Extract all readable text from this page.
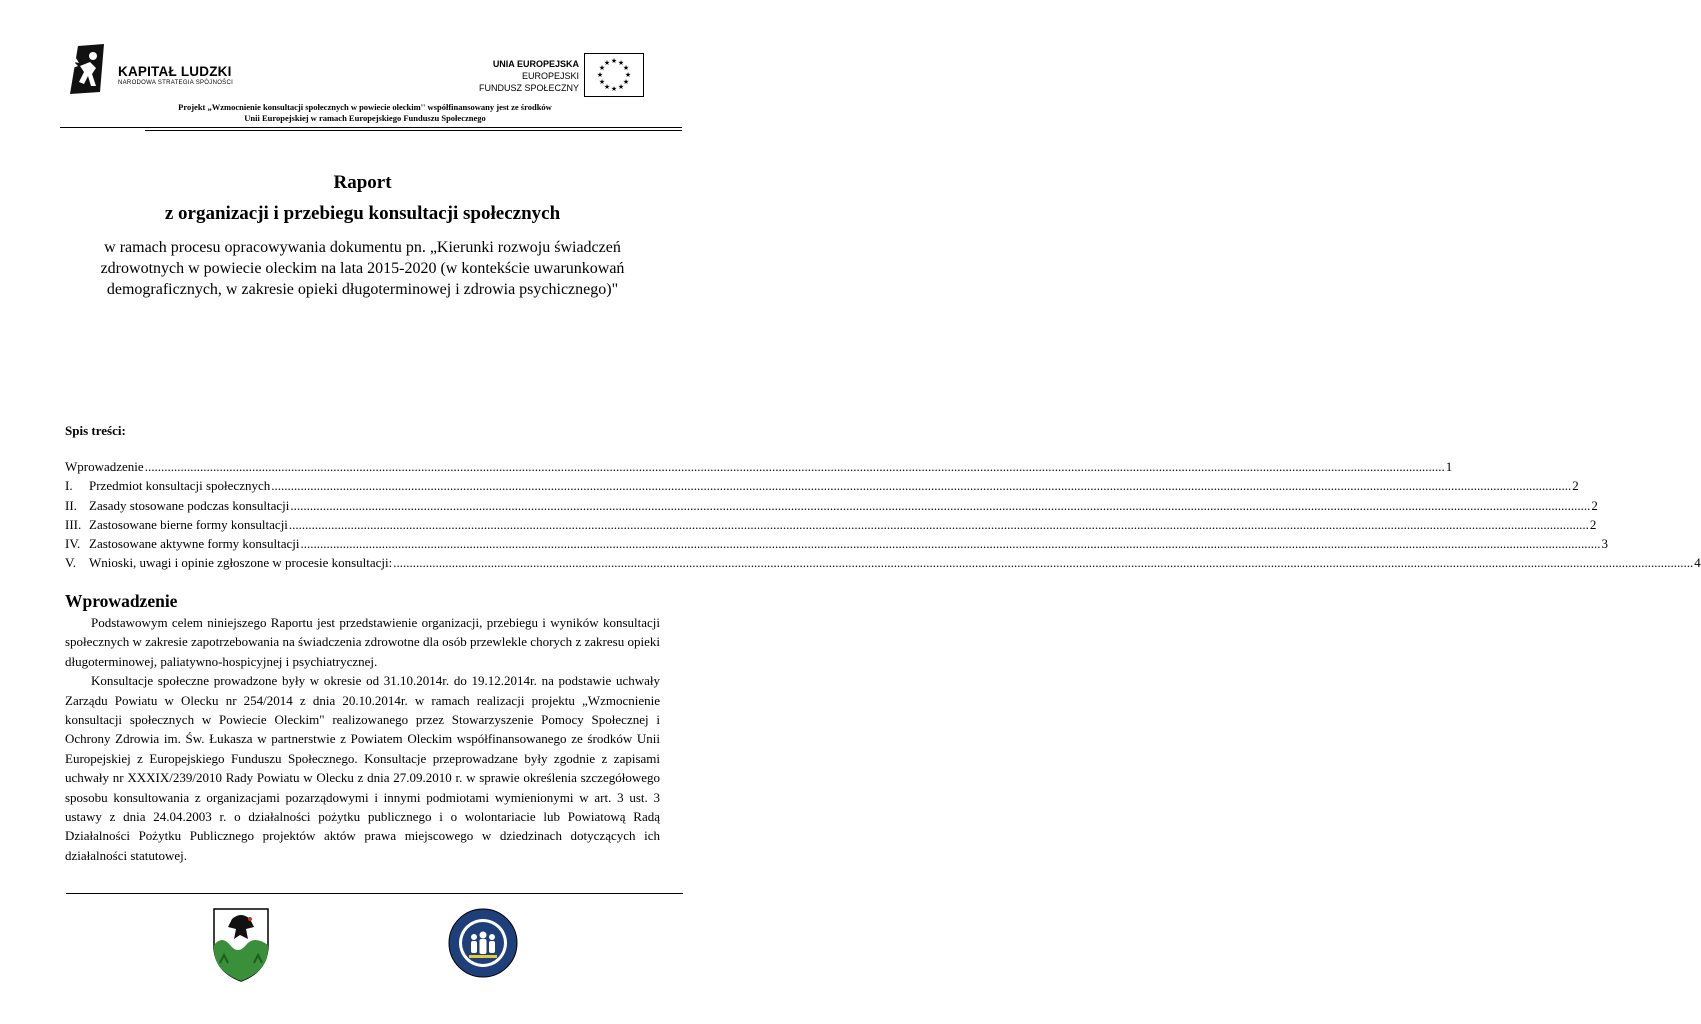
KAPITAŁ LUDZKI
NARODOWA STRATEGIA SPÓJNOŚCI
UNIA EUROPEJSKA
EUROPEJSKI
FUNDUSZ SPOŁECZNY
★ ★
★
★
★
★
★
★
★
★
★
★
Projekt „Wzmocnienie konsultacji społecznych w powiecie oleckim'' współfinansowany jest ze środków
Unii Europejskiej w ramach Europejskiego Funduszu Społecznego
Raport
z organizacji i przebiegu konsultacji społecznych
w ramach procesu opracowywania dokumentu pn. „Kierunki rozwoju świadczeń zdrowotnych w powiecie oleckim na lata 2015-2020 (w kontekście uwarunkowań demograficznych, w zakresie opieki długoterminowej i zdrowia psychicznego)"
Spis treści:
Wprowadzenie ................................................................................................................................................................................................................................................................................................................................................................................................................ 1
I.	Przedmiot konsultacji społecznych ................................................................................................................................................................................................................................................................................................................................................................................................................ 2
II. Zasady stosowane podczas konsultacji ................................................................................................................................................................................................................................................................................................................................................................................................................ 2
III. Zastosowane bierne formy konsultacji ................................................................................................................................................................................................................................................................................................................................................................................................................ 2
IV. Zastosowane aktywne formy konsultacji ................................................................................................................................................................................................................................................................................................................................................................................................................ 3
V.	Wnioski, uwagi i opinie zgłoszone w procesie konsultacji: ................................................................................................................................................................................................................................................................................................................................................................................................................ 4
Wprowadzenie

Podstawowym celem niniejszego Raportu jest przedstawienie organizacji, przebiegu i wyników konsultacji społecznych w zakresie zapotrzebowania na świadczenia zdrowotne dla osób przewlekle chorych z zakresu opieki długoterminowej, paliatywno-hospicyjnej i psychiatrycznej.

Konsultacje społeczne prowadzone były w okresie od 31.10.2014r. do 19.12.2014r. na podstawie uchwały Zarządu Powiatu w Olecku nr 254/2014 z dnia 20.10.2014r. w ramach realizacji projektu „Wzmocnienie konsultacji społecznych w Powiecie Oleckim" realizowanego przez Stowarzyszenie Pomocy Społecznej i Ochrony Zdrowia im. Św. Łukasza w partnerstwie z Powiatem Oleckim współfinansowanego ze środków Unii Europejskiej z Europejskiego Funduszu Społecznego. Konsultacje przeprowadzane były zgodnie z zapisami uchwały nr XXXIX/239/2010 Rady Powiatu w Olecku z dnia 27.09.2010 r. w sprawie określenia szczegółowego sposobu konsultowania z organizacjami pozarządowymi i innymi podmiotami wymienionymi w art. 3 ust. 3 ustawy z dnia 24.04.2003 r. o działalności pożytku publicznego i o wolontariacie lub Powiatową Radą Działalności Pożytku Publicznego projektów aktów prawa miejscowego w dziedzinach dotyczących ich działalności statutowej.
